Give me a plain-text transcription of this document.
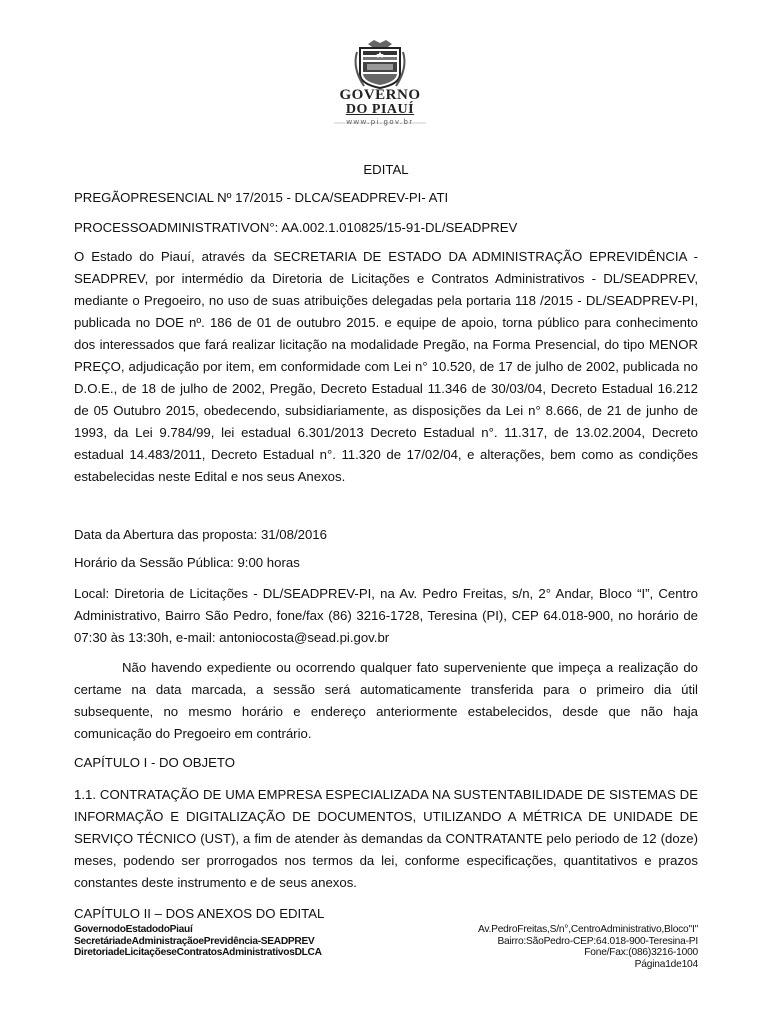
GOVERNO
DO PIAUÍ
www.pi.gov.br
EDITAL
PREGÃOPRESENCIAL Nº 17/2015 - DLCA/SEADPREV-PI- ATI
PROCESSOADMINISTRATIVON°: AA.002.1.010825/15-91-DL/SEADPREV

O Estado do Piauí, através da SECRETARIA DE ESTADO DA ADMINISTRAÇÃO EPREVIDÊNCIA - SEADPREV, por intermédio da Diretoria de Licitações e Contratos Administrativos - DL/SEADPREV, mediante o Pregoeiro, no uso de suas atribuições delegadas pela portaria 118 /2015 - DL/SEADPREV-PI, publicada no DOE nº. 186 de 01 de outubro 2015. e equipe de apoio, torna público para conhecimento dos interessados que fará realizar licitação na modalidade Pregão, na Forma Presencial, do tipo MENOR PREÇO, adjudicação por item, em conformidade com Lei n° 10.520, de 17 de julho de 2002, publicada no D.O.E., de 18 de julho de 2002, Pregão, Decreto Estadual 11.346 de 30/03/04, Decreto Estadual 16.212 de 05 Outubro 2015, obedecendo, subsidiariamente, as disposições da Lei n° 8.666, de 21 de junho de 1993, da Lei 9.784/99, lei estadual 6.301/2013 Decreto Estadual n°. 11.317, de 13.02.2004, Decreto estadual 14.483/2011, Decreto Estadual n°. 11.320 de 17/02/04, e alterações, bem como as condições estabelecidas neste Edital e nos seus Anexos.

Data da Abertura das proposta: 31/08/2016
Horário da Sessão Pública: 9:00 horas

Local: Diretoria de Licitações - DL/SEADPREV-PI, na Av. Pedro Freitas, s/n, 2° Andar, Bloco “I”, Centro Administrativo, Bairro São Pedro, fone/fax (86) 3216-1728, Teresina (PI), CEP 64.018-900, no horário de 07:30 às 13:30h, e-mail: antoniocosta@sead.pi.gov.br

Não havendo expediente ou ocorrendo qualquer fato superveniente que impeça a realização do certame na data marcada, a sessão será automaticamente transferida para o primeiro dia útil subsequente, no mesmo horário e endereço anteriormente estabelecidos, desde que não haja comunicação do Pregoeiro em contrário.

CAPÍTULO I - DO OBJETO

1.1. CONTRATAÇÃO DE UMA EMPRESA ESPECIALIZADA NA SUSTENTABILIDADE DE SISTEMAS DE INFORMAÇÃO E DIGITALIZAÇÃO DE DOCUMENTOS, UTILIZANDO A MÉTRICA DE UNIDADE DE SERVIÇO TÉCNICO (UST), a fim de atender às demandas da CONTRATANTE pelo periodo de 12 (doze) meses, podendo ser prorrogados nos termos da lei, conforme especificações, quantitativos e prazos constantes deste instrumento e de seus anexos.

CAPÍTULO II – DOS ANEXOS DO EDITAL
GovernodoEstadodoPiauí
SecretáriadeAdministraçãoePrevidência-SEADPREV
DiretoriadeLicitaçõeseContratosAdministrativosDLCA
Av.PedroFreitas,S/n°,CentroAdministrativo,Bloco"I"
Bairro:SãoPedro-CEP:64.018-900-Teresina-PI
Fone/Fax:(086)3216-1000
Página1de104
